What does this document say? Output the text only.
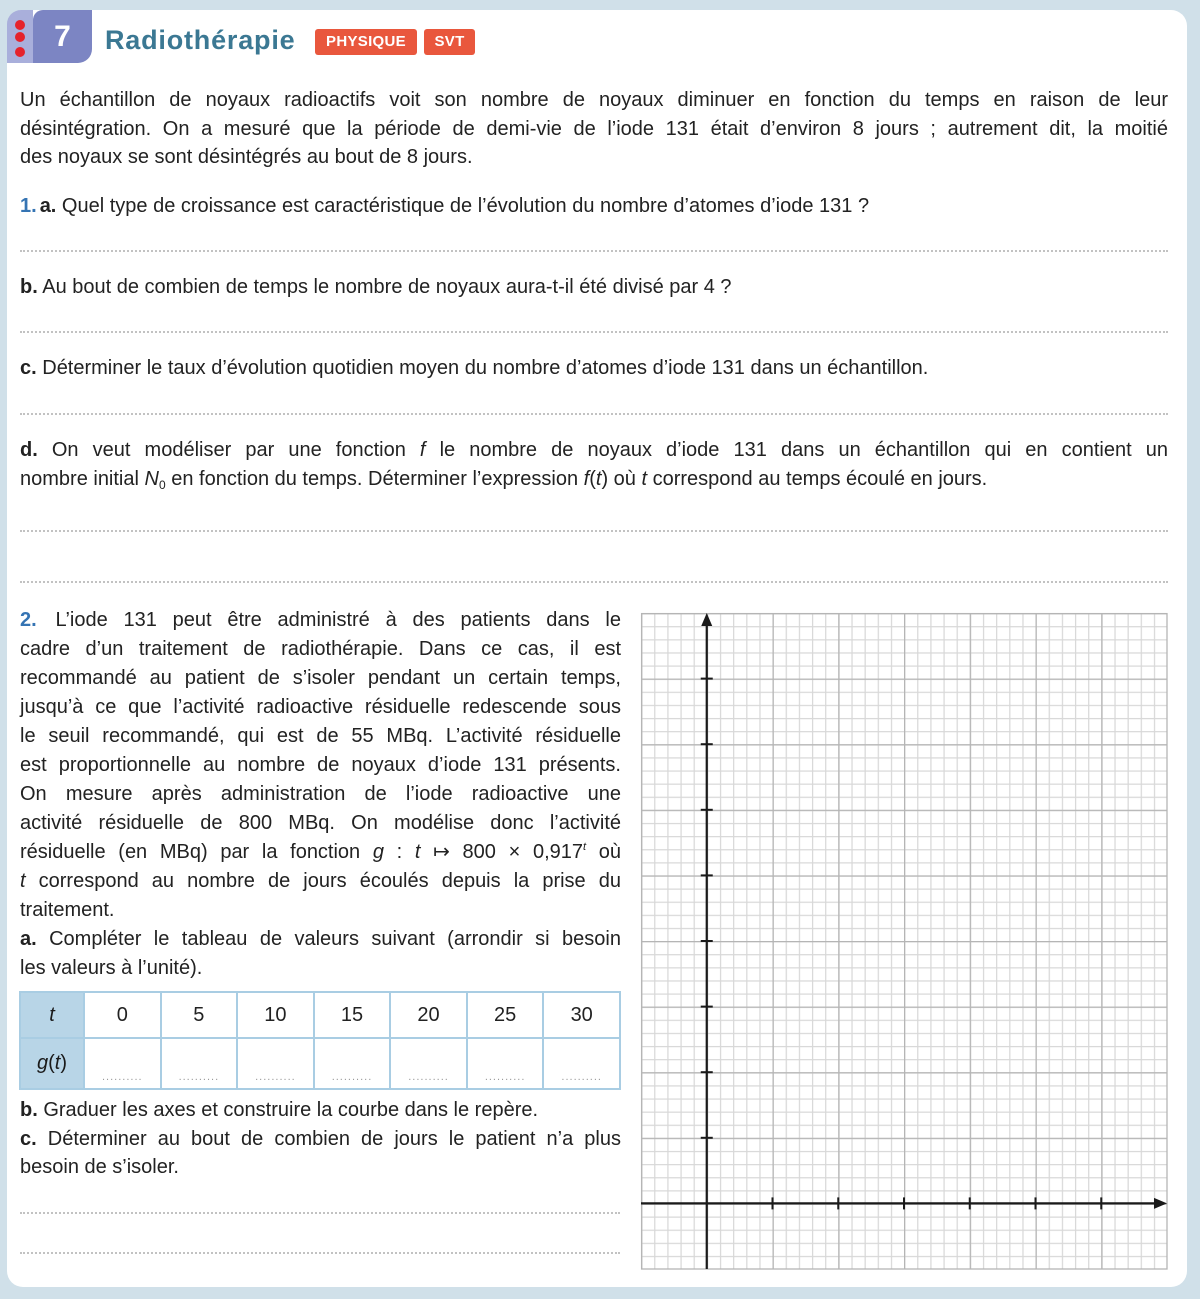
7	Radiothérapie	PHYSIQUE	SVT
Un échantillon de noyaux radioactifs voit son nombre de noyaux diminuer en fonction du temps en raison de leur
désintégration. On a mesuré que la période de demi-vie de l’iode 131 était d’environ 8 jours ; autrement dit, la moitié
des noyaux se sont désintégrés au bout de 8 jours.
1. a. Quel type de croissance est caractéristique de l’évolution du nombre d’atomes d’iode 131 ?
b. Au bout de combien de temps le nombre de noyaux aura-t-il été divisé par 4 ?
c. Déterminer le taux d’évolution quotidien moyen du nombre d’atomes d’iode 131 dans un échantillon.
d. On veut modéliser par une fonction f le nombre de noyaux d’iode 131 dans un échantillon qui en contient un
nombre initial $N_0$ en fonction du temps. Déterminer l’expression f(t) où t correspond au temps écoulé en jours.
2. L’iode 131 peut être administré à des patients dans le
cadre d’un traitement de radiothérapie. Dans ce cas, il est
recommandé au patient de s’isoler pendant un certain temps,
jusqu’à ce que l’activité radioactive résiduelle redescende sous
le seuil recommandé, qui est de 55 MBq. L’activité résiduelle
est proportionnelle au nombre de noyaux d’iode 131 présents.
On mesure après administration de l’iode radioactive une
activité résiduelle de 800 MBq. On modélise donc l’activité
résiduelle (en MBq) par la fonction g : t ↦ $800 \times 0,917^t$ où
t correspond au nombre de jours écoulés depuis la prise du
traitement.
a. Compléter le tableau de valeurs suivant (arrondir si besoin
les valeurs à l’unité).
t	0	5	10	15	20	25	30

g(t)	..........	..........	..........	..........	..........	..........	..........
b. Graduer les axes et construire la courbe dans le repère.
c. Déterminer au bout de combien de jours le patient n’a plus
besoin de s’isoler.
